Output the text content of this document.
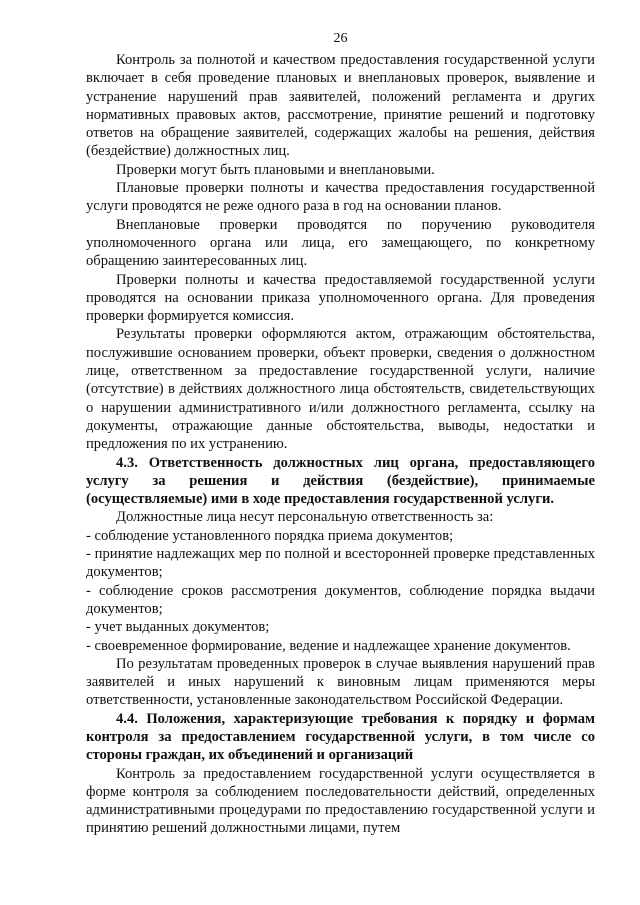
26

Контроль за полнотой и качеством предоставления государственной услуги включает в себя проведение плановых и внеплановых проверок, выявление и устранение нарушений прав заявителей, положений регламента и других нормативных правовых актов, рассмотрение, принятие решений и подготовку ответов на обращение заявителей, содержащих жалобы на решения, действия (бездействие) должностных лиц.

Проверки могут быть плановыми и внеплановыми.

Плановые проверки полноты и качества предоставления государственной услуги проводятся не реже одного раза в год на основании планов.

Внеплановые проверки проводятся по поручению руководителя уполномоченного органа или лица, его замещающего, по конкретному обращению заинтересованных лиц.

Проверки полноты и качества предоставляемой государственной услуги проводятся на основании приказа уполномоченного органа. Для проведения проверки формируется комиссия.

Результаты проверки оформляются актом, отражающим обстоятельства, послужившие основанием проверки, объект проверки, сведения о должностном лице, ответственном за предоставление государственной услуги, наличие (отсутствие) в действиях должностного лица обстоятельств, свидетельствующих о нарушении административного и/или должностного регламента, ссылку на документы, отражающие данные обстоятельства, выводы, недостатки и предложения по их устранению.

4.3. Ответственность должностных лиц органа, предоставляющего услугу за решения и действия (бездействие), принимаемые (осуществляемые) ими в ходе предоставления государственной услуги.

Должностные лица несут персональную ответственность за:

- соблюдение установленного порядка приема документов;

- принятие надлежащих мер по полной и всесторонней проверке представленных документов;

- соблюдение сроков рассмотрения документов, соблюдение порядка выдачи документов;

- учет выданных документов;

- своевременное формирование, ведение и надлежащее хранение документов.

По результатам проведенных проверок в случае выявления нарушений прав заявителей и иных нарушений к виновным лицам применяются меры ответственности, установленные законодательством Российской Федерации.

4.4. Положения, характеризующие требования к порядку и формам контроля за предоставлением государственной услуги, в том числе со стороны граждан, их объединений и организаций

Контроль за предоставлением государственной услуги осуществляется в форме контроля за соблюдением последовательности действий, определенных административными процедурами по предоставлению государственной услуги и принятию решений должностными лицами, путем
